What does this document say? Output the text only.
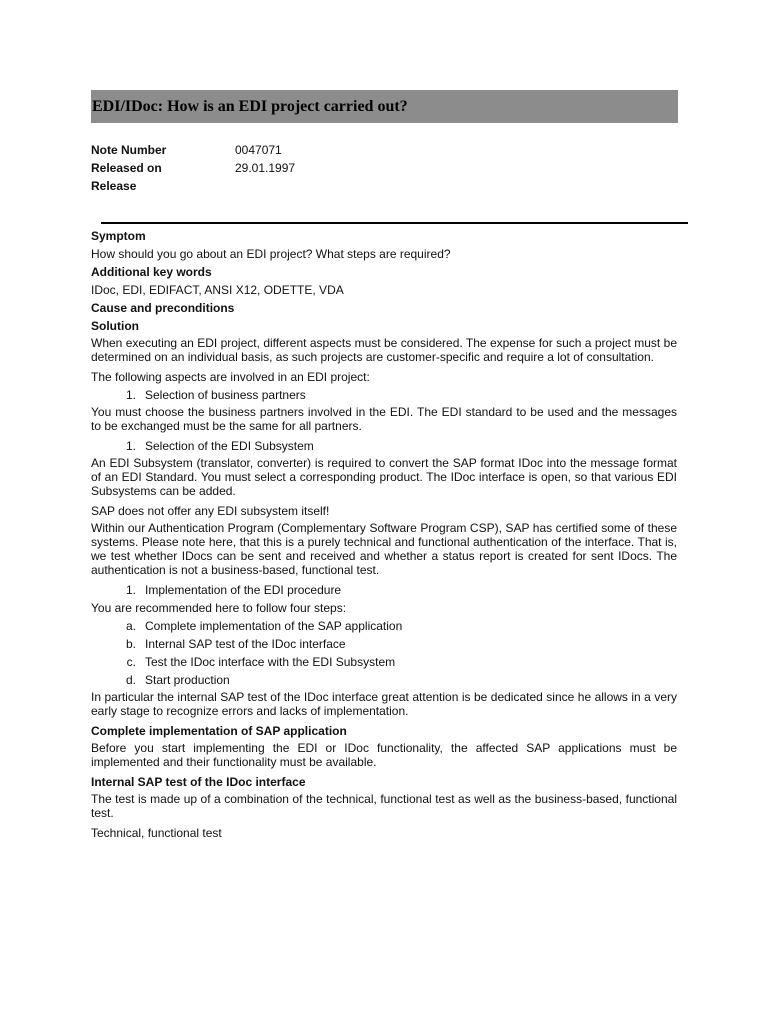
EDI/IDoc: How is an EDI project carried out?
Note Number	0047071
Released on	29.01.1997
Release
Symptom
How should you go about an EDI project? What steps are required?
Additional key words
IDoc, EDI, EDIFACT, ANSI X12, ODETTE, VDA
Cause and preconditions
Solution
When executing an EDI project, different aspects must be considered. The expense for such a project must be determined on an individual basis, as such projects are customer-specific and require a lot of consultation.
The following aspects are involved in an EDI project:
1. Selection of business partners
You must choose the business partners involved in the EDI. The EDI standard to be used and the messages to be exchanged must be the same for all partners.
1. Selection of the EDI Subsystem
An EDI Subsystem (translator, converter) is required to convert the SAP format IDoc into the message format of an EDI Standard. You must select a corresponding product. The IDoc interface is open, so that various EDI Subsystems can be added.
SAP does not offer any EDI subsystem itself!
Within our Authentication Program (Complementary Software Program CSP), SAP has certified some of these systems. Please note here, that this is a purely technical and functional authentication of the interface. That is, we test whether IDocs can be sent and received and whether a status report is created for sent IDocs. The authentication is not a business-based, functional test.
1. Implementation of the EDI procedure
You are recommended here to follow four steps:
a. Complete implementation of the SAP application
b. Internal SAP test of the IDoc interface
c. Test the IDoc interface with the EDI Subsystem
d. Start production
In particular the internal SAP test of the IDoc interface great attention is be dedicated since he allows in a very early stage to recognize errors and lacks of implementation.
Complete implementation of SAP application
Before you start implementing the EDI or IDoc functionality, the affected SAP applications must be implemented and their functionality must be available.
Internal SAP test of the IDoc interface
The test is made up of a combination of the technical, functional test as well as the business-based, functional test.
Technical, functional test
